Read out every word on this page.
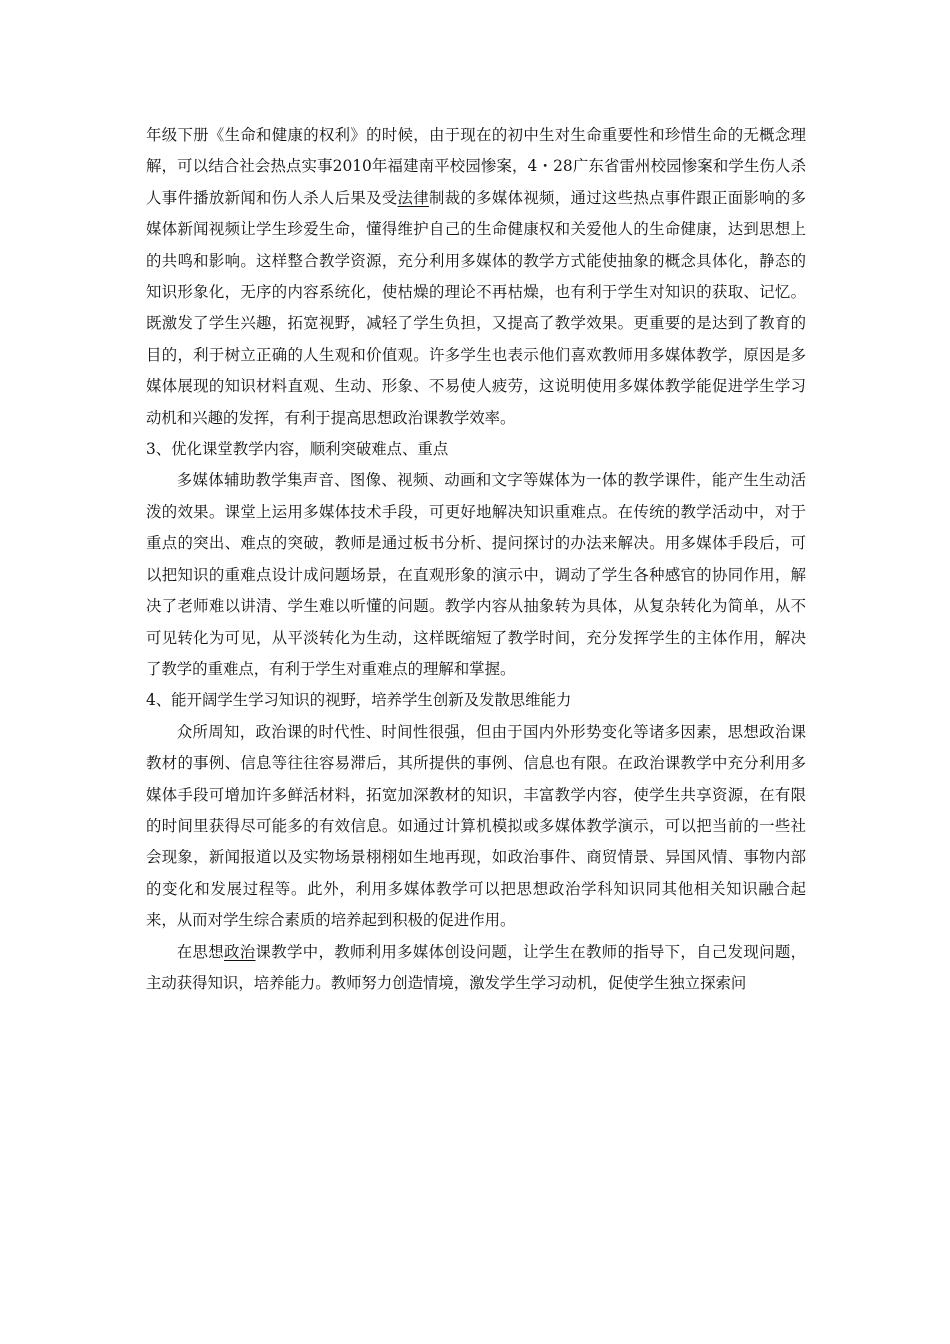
年级下册《生命和健康的权利》的时候，由于现在的初中生对生命重要性和珍惜生命的无概念理解，可以结合社会热点实事2010年福建南平校园惨案，4・28广东省雷州校园惨案和学生伤人杀人事件播放新闻和伤人杀人后果及受法律制裁的多媒体视频，通过这些热点事件跟正面影响的多媒体新闻视频让学生珍爱生命，懂得维护自己的生命健康权和关爱他人的生命健康，达到思想上的共鸣和影响。这样整合教学资源，充分利用多媒体的教学方式能使抽象的概念具体化，静态的知识形象化，无序的内容系统化，使枯燥的理论不再枯燥，也有利于学生对知识的获取、记忆。既激发了学生兴趣，拓宽视野，减轻了学生负担，又提高了教学效果。更重要的是达到了教育的目的，利于树立正确的人生观和价值观。许多学生也表示他们喜欢教师用多媒体教学，原因是多媒体展现的知识材料直观、生动、形象、不易使人疲劳，这说明使用多媒体教学能促进学生学习动机和兴趣的发挥，有利于提高思想政治课教学效率。

3、优化课堂教学内容，顺利突破难点、重点

多媒体辅助教学集声音、图像、视频、动画和文字等媒体为一体的教学课件，能产生生动活泼的效果。课堂上运用多媒体技术手段，可更好地解决知识重难点。在传统的教学活动中，对于重点的突出、难点的突破，教师是通过板书分析、提问探讨的办法来解决。用多媒体手段后，可以把知识的重难点设计成问题场景，在直观形象的演示中，调动了学生各种感官的协同作用，解决了老师难以讲清、学生难以听懂的问题。教学内容从抽象转为具体，从复杂转化为简单，从不可见转化为可见，从平淡转化为生动，这样既缩短了教学时间，充分发挥学生的主体作用，解决了教学的重难点，有利于学生对重难点的理解和掌握。

4、能开阔学生学习知识的视野，培养学生创新及发散思维能力

众所周知，政治课的时代性、时间性很强，但由于国内外形势变化等诸多因素，思想政治课教材的事例、信息等往往容易滞后，其所提供的事例、信息也有限。在政治课教学中充分利用多媒体手段可增加许多鲜活材料，拓宽加深教材的知识，丰富教学内容，使学生共享资源，在有限的时间里获得尽可能多的有效信息。如通过计算机模拟或多媒体教学演示，可以把当前的一些社会现象，新闻报道以及实物场景栩栩如生地再现，如政治事件、商贸情景、异国风情、事物内部的变化和发展过程等。此外，利用多媒体教学可以把思想政治学科知识同其他相关知识融合起来，从而对学生综合素质的培养起到积极的促进作用。

在思想政治课教学中，教师利用多媒体创设问题，让学生在教师的指导下，自己发现问题，主动获得知识，培养能力。教师努力创造情境，激发学生学习动机，促使学生独立探索问
